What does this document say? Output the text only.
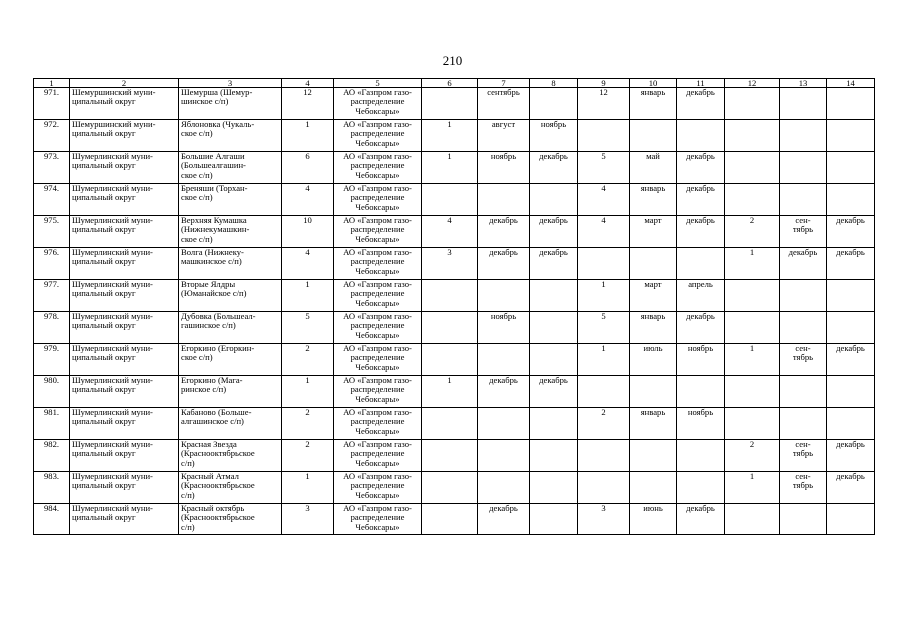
210
1	2	3	4	5	6	7	8	9	10	11	12	13	14
971.	Шемуршинский муни-
ципальный округ	Шемурша (Шемур-
шинское с/п)	12	АО «Газпром газо-
распределение
Чебоксары»		сентябрь		12	январь	декабрь			
972.	Шемуршинский муни-
ципальный округ	Яблоновка (Чукаль-
ское с/п)	1	АО «Газпром газо-
распределение
Чебоксары»	1	август	ноябрь						
973.	Шумерлинский муни-
ципальный округ	Большие Алгаши
(Большеалгашин-
ское с/п)	6	АО «Газпром газо-
распределение
Чебоксары»	1	ноябрь	декабрь	5	май	декабрь			
974.	Шумерлинский муни-
ципальный округ	Бреняши (Торхан-
ское с/п)	4	АО «Газпром газо-
распределение
Чебоксары»				4	январь	декабрь			
975.	Шумерлинский муни-
ципальный округ	Верхняя Кумашка
(Нижнекумашкин-
ское с/п)	10	АО «Газпром газо-
распределение
Чебоксары»	4	декабрь	декабрь	4	март	декабрь	2	сен-
тябрь	декабрь
976.	Шумерлинский муни-
ципальный округ	Волга (Нижнеку-
машкинское с/п)	4	АО «Газпром газо-
распределение
Чебоксары»	3	декабрь	декабрь				1	декабрь	декабрь
977.	Шумерлинский муни-
ципальный округ	Вторые Ялдры
(Юманайское с/п)	1	АО «Газпром газо-
распределение
Чебоксары»				1	март	апрель			
978.	Шумерлинский муни-
ципальный округ	Дубовка (Большеал-
гашинское с/п)	5	АО «Газпром газо-
распределение
Чебоксары»		ноябрь		5	январь	декабрь			
979.	Шумерлинский муни-
ципальный округ	Егоркино (Егоркин-
ское с/п)	2	АО «Газпром газо-
распределение
Чебоксары»				1	июль	ноябрь	1	сен-
тябрь	декабрь
980.	Шумерлинский муни-
ципальный округ	Егоркино (Мага-
ринское с/п)	1	АО «Газпром газо-
распределение
Чебоксары»	1	декабрь	декабрь						
981.	Шумерлинский муни-
ципальный округ	Кабаново (Больше-
алгашинское с/п)	2	АО «Газпром газо-
распределение
Чебоксары»				2	январь	ноябрь			
982.	Шумерлинский муни-
ципальный округ	Красная Звезда
(Краснооктябрьское
с/п)	2	АО «Газпром газо-
распределение
Чебоксары»							2	сен-
тябрь	декабрь
983.	Шумерлинский муни-
ципальный округ	Красный Атмал
(Краснооктябрьское
с/п)	1	АО «Газпром газо-
распределение
Чебоксары»							1	сен-
тябрь	декабрь
984.	Шумерлинский муни-
ципальный округ	Красный октябрь
(Краснооктябрьское
с/п)	3	АО «Газпром газо-
распределение
Чебоксары»		декабрь		3	июнь	декабрь			
